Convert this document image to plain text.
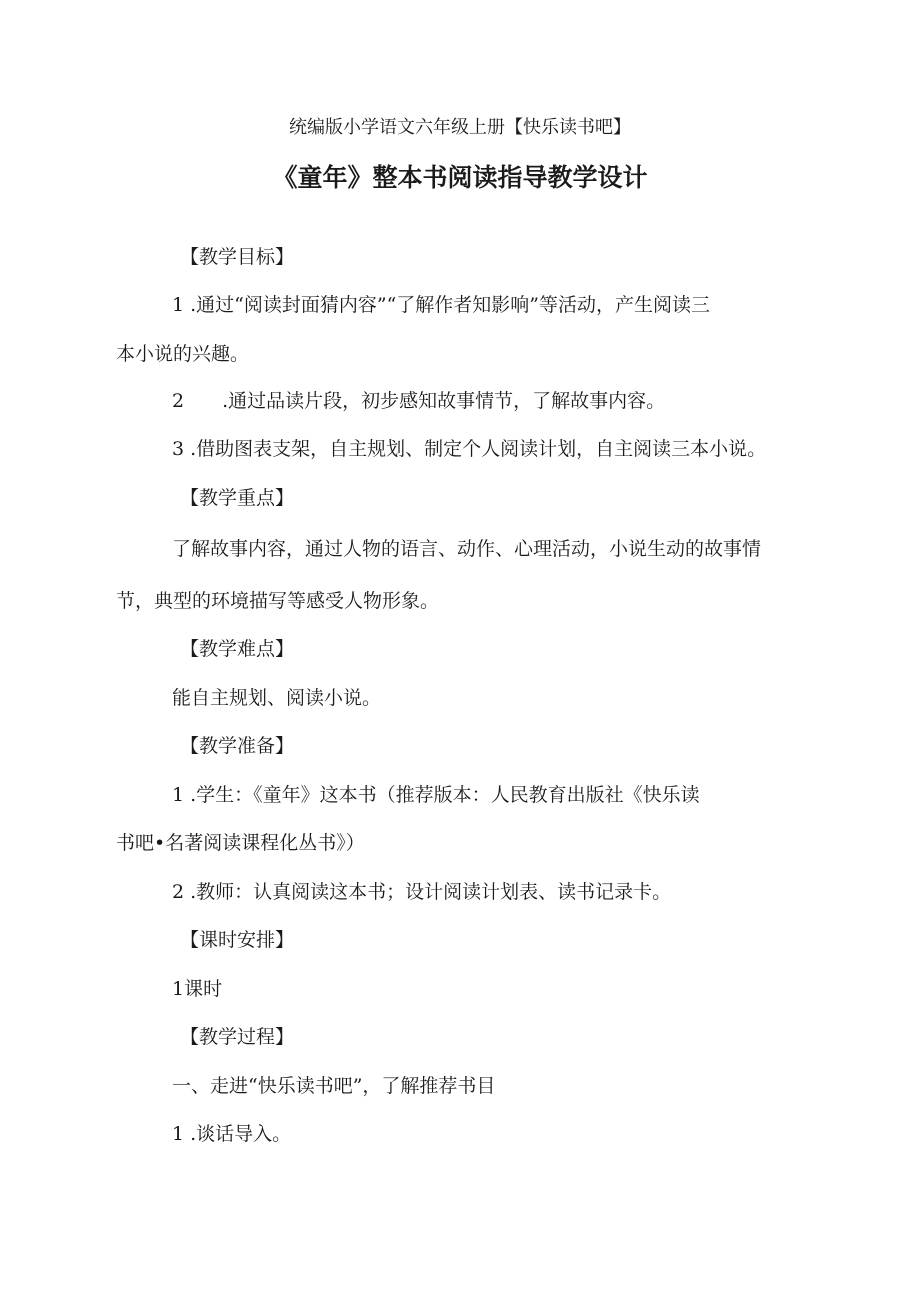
统编版小学语文六年级上册【快乐读书吧】
《童年》整本书阅读指导教学设计
【教学目标】
1 .通过“阅读封面猜内容”“了解作者知影响”等活动，产生阅读三
本小说的兴趣。
2　　.通过品读片段，初步感知故事情节，了解故事内容。
3 .借助图表支架，自主规划、制定个人阅读计划，自主阅读三本小说。
【教学重点】
了解故事内容，通过人物的语言、动作、心理活动，小说生动的故事情
节，典型的环境描写等感受人物形象。
【教学难点】
能自主规划、阅读小说。
【教学准备】
1 .学生：《童年》这本书（推荐版本：人民教育出版社《快乐读
书吧•名著阅读课程化丛书》）
2 .教师：认真阅读这本书；设计阅读计划表、读书记录卡。
【课时安排】
1课时
【教学过程】
一、走进“快乐读书吧”，了解推荐书目
1 .谈话导入。
